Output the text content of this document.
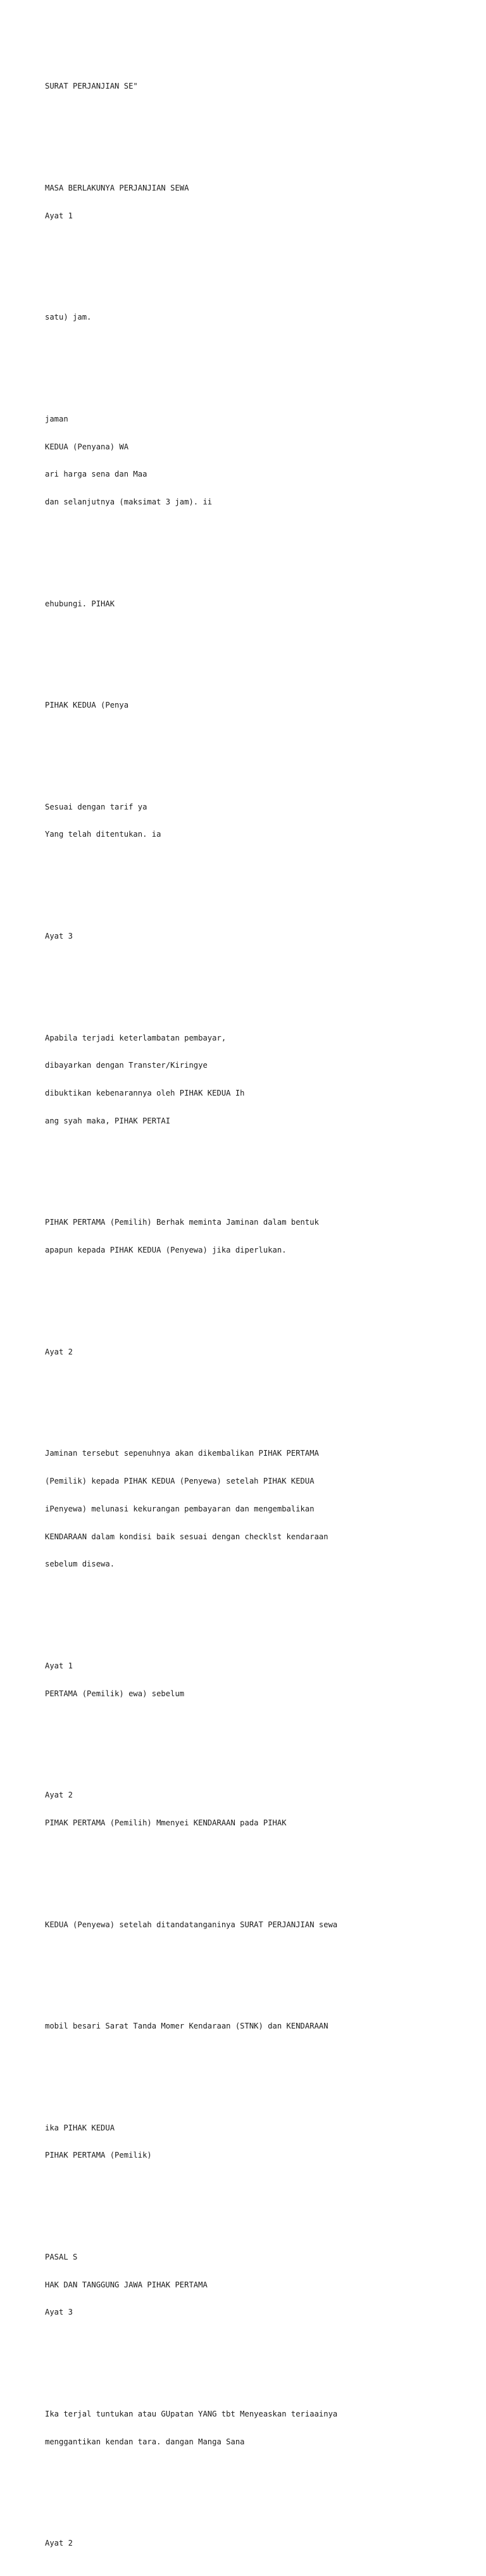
SURAT PERJANJIAN SE"

MASA BERLAKUNYA PERJANJIAN SEWA

Ayat 1

satu) jam.

jaman

KEDUA (Penyana) WA

ari harga sena dan Maa

dan selanjutnya (maksimat 3 jam). ii

ehubungi. PIHAK

PIHAK KEDUA (Penya

Sesuai dengan tarif ya

Yang telah ditentukan. ia

Ayat 3

Apabila terjadi keterlambatan pembayar,

dibayarkan dengan Transter/Kiringye

dibuktikan kebenarannya oleh PIHAK KEDUA Ih

ang syah maka, PIHAK PERTAI

PIHAK PERTAMA (Pemilih) Berhak meminta Jaminan dalam bentuk

apapun kepada PIHAK KEDUA (Penyewa) jika diperlukan.

Ayat 2

Jaminan tersebut sepenuhnya akan dikembalikan PIHAK PERTAMA

(Pemilik) kepada PIHAK KEDUA (Penyewa) setelah PIHAK KEDUA

iPenyewa) melunasi kekurangan pembayaran dan mengembalikan

KENDARAAN dalam kondisi baik sesuai dengan checklst kendaraan

sebelum disewa.

Ayat 1

PERTAMA (Pemilik) ewa) sebelum

Ayat 2

PIMAK PERTAMA (Pemilih) Mmenyei KENDARAAN pada PIHAK

KEDUA (Penyewa) setelah ditandatanganinya SURAT PERJANJIAN sewa

mobil besari Sarat Tanda Momer Kendaraan (STNK) dan KENDARAAN

ika PIHAK KEDUA

PIHAK PERTAMA (Pemilik)

PASAL S

HAK DAN TANGGUNG JAWA PIHAK PERTAMA

Ayat 3

Ika terjal tuntukan atau GUpatan YANG tbt Menyeaskan teriaainya

menggantikan kendan tara. dangan Manga Sana

Ayat 2
